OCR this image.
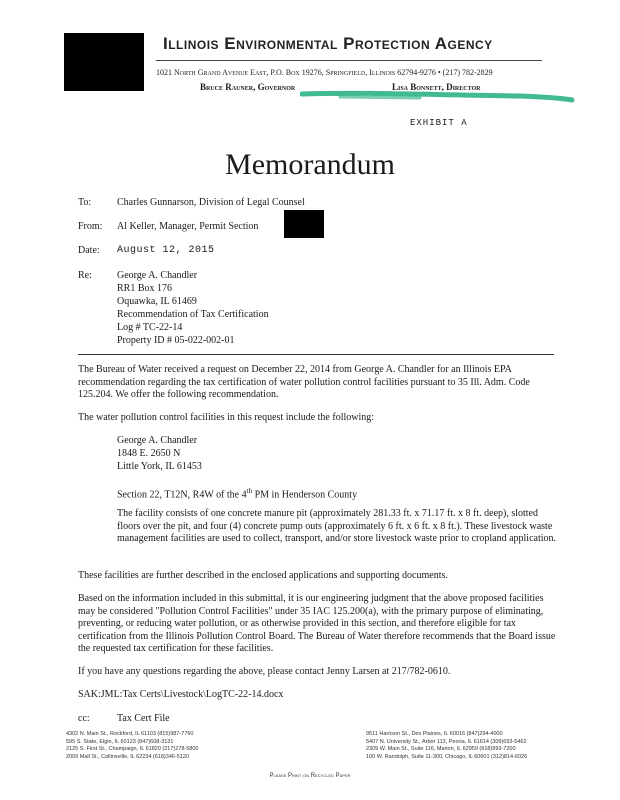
Illinois Environmental Protection Agency
1021 North Grand Avenue East, P.O. Box 19276, Springfield, Illinois 62794-9276 • (217) 782-2829
Bruce Rauner, Governor	Lisa Bonnett, Director
EXHIBIT A
Memorandum
To:	Charles Gunnarson, Division of Legal Counsel
From: Al Keller, Manager, Permit Section
Date: August 12, 2015
Re:	George A. Chandler
RR1 Box 176
Oquawka, IL 61469
Recommendation of Tax Certification
Log # TC-22-14
Property ID # 05-022-002-01
The Bureau of Water received a request on December 22, 2014 from George A. Chandler for an Illinois EPA recommendation regarding the tax certification of water pollution control facilities pursuant to 35 Ill. Adm. Code 125.204. We offer the following recommendation.
The water pollution control facilities in this request include the following:
George A. Chandler
1848 E. 2650 N
Little York, IL 61453
Section 22, T12N, R4W of the 4th PM in Henderson County
The facility consists of one concrete manure pit (approximately 281.33 ft. x 71.17 ft. x 8 ft. deep), slotted floors over the pit, and four (4) concrete pump outs (approximately 6 ft. x 6 ft. x 8 ft.). These livestock waste management facilities are used to collect, transport, and/or store livestock waste prior to cropland application.
These facilities are further described in the enclosed applications and supporting documents.
Based on the information included in this submittal, it is our engineering judgment that the above proposed facilities may be considered "Pollution Control Facilities" under 35 IAC 125.200(a), with the primary purpose of eliminating, preventing, or reducing water pollution, or as otherwise provided in this section, and therefore eligible for tax certification from the Illinois Pollution Control Board. The Bureau of Water therefore recommends that the Board issue the requested tax certification for these facilities.
If you have any questions regarding the above, please contact Jenny Larsen at 217/782-0610.
SAK:JML:Tax Certs\Livestock\LogTC-22-14.docx
cc:	Tax Cert File
4302 N. Main St., Rockford, IL 61103 (815)987-7760
595 S. State, Elgin, IL 60123 (847)608-3131
2125 S. First St., Champaign, IL 61820 (217)278-5800
2009 Mall St., Collinsville, IL 62234 (618)346-5120
9511 Harrison St., Des Plaines, IL 60016 (847)294-4000
5407 N. University St., Arbor 113, Peoria, IL 61614 (309)693-5462
2309 W. Main St., Suite 116, Marion, IL 62959 (618)993-7200
100 W. Randolph, Suite 11-300, Chicago, IL 60601 (312)814-6026
Please Print on Recycled Paper
